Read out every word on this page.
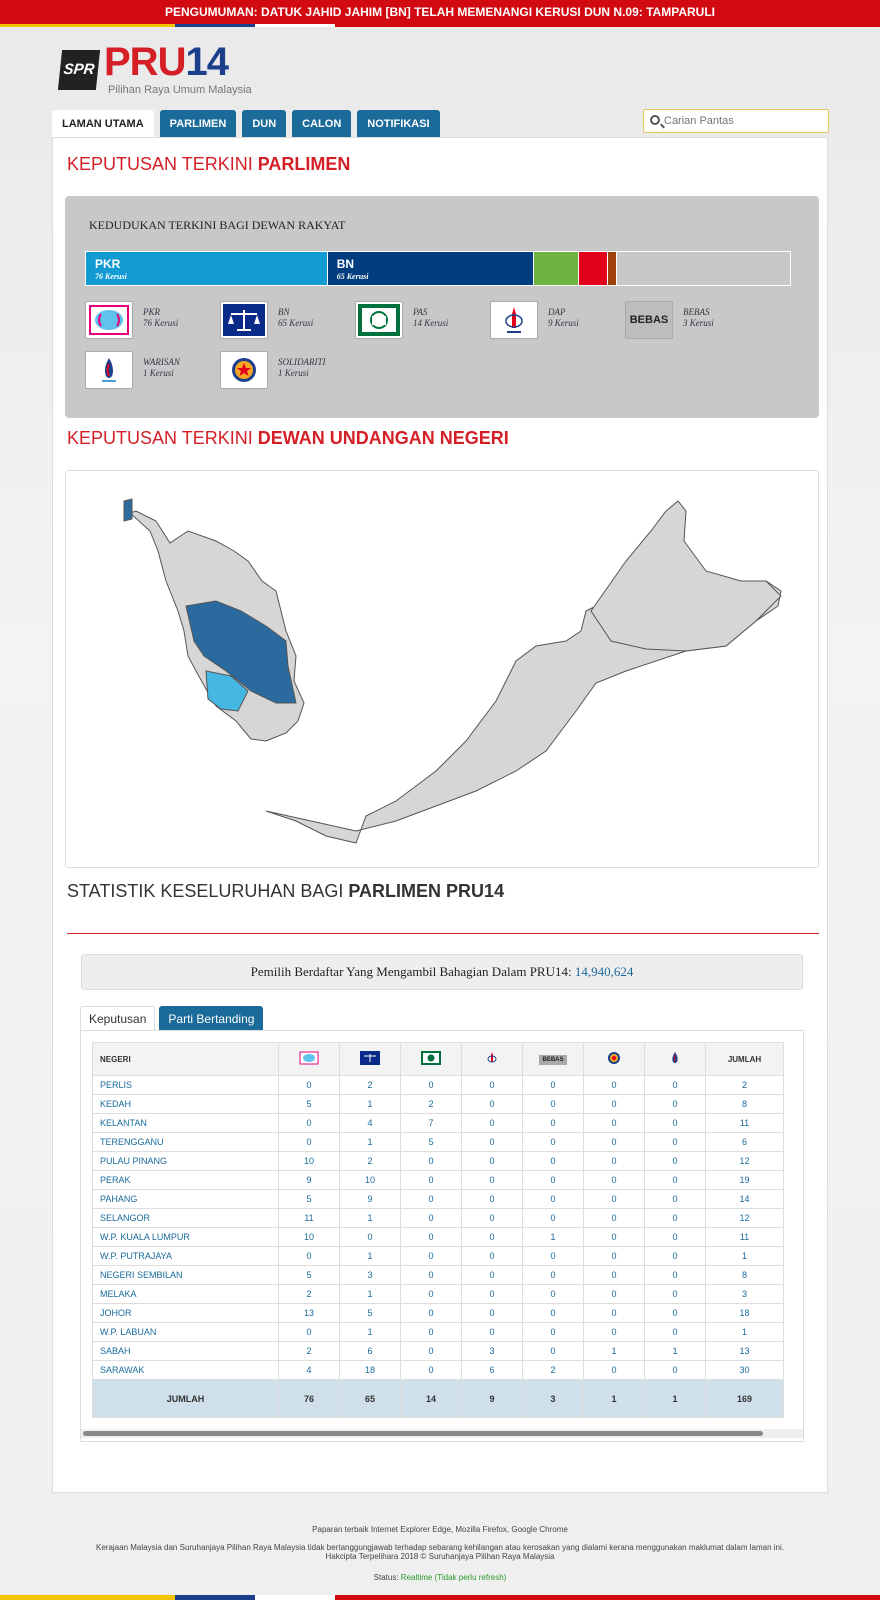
PENGUMUMAN: DATUK JAHID JAHIM [BN] TELAH MEMENANGI KERUSI DUN N.09: TAMPARULI
SPR PRU14
Pilihan Raya Umum Malaysia
LAMAN UTAMA	PARLIMEN	DUN	CALON	NOTIFIKASI
Carian Pantas
KEPUTUSAN TERKINI PARLIMEN
KEDUDUKAN TERKINI BAGI DEWAN RAKYAT
PKR
76 Kerusi
BN
65 Kerusi
PKR
76 Kerusi
BN
65 Kerusi
PAS
14 Kerusi
DAP
9 Kerusi	BEBAS
BEBAS
3 Kerusi
WARISAN
1 Kerusi
SOLIDARITI
1 Kerusi
KEPUTUSAN TERKINI DEWAN UNDANGAN NEGERI
STATISTIK KESELURUHAN BAGI PARLIMEN PRU14
Pemilih Berdaftar Yang Mengambil Bahagian Dalam PRU14: 14,940,624
Keputusan	Parti Bertanding
NEGERI					BEBAS			JUMLAH
PERLIS	0	2	0	0	0	0	0	2
KEDAH	5	1	2	0	0	0	0	8
KELANTAN	0	4	7	0	0	0	0	11
TERENGGANU	0	1	5	0	0	0	0	6
PULAU PINANG	10	2	0	0	0	0	0	12
PERAK	9	10	0	0	0	0	0	19
PAHANG	5	9	0	0	0	0	0	14
SELANGOR	11	1	0	0	0	0	0	12
W.P. KUALA LUMPUR	10	0	0	0	1	0	0	11
W.P. PUTRAJAYA	0	1	0	0	0	0	0	1
NEGERI SEMBILAN	5	3	0	0	0	0	0	8
MELAKA	2	1	0	0	0	0	0	3
JOHOR	13	5	0	0	0	0	0	18
W.P. LABUAN	0	1	0	0	0	0	0	1
SABAH	2	6	0	3	0	1	1	13
SARAWAK	4	18	0	6	2	0	0	30
JUMLAH	76	65	14	9	3	1	1	169
Paparan terbaik Internet Explorer Edge, Mozilla Firefox, Google Chrome
Kerajaan Malaysia dan Suruhanjaya Pilihan Raya Malaysia tidak bertanggungjawab terhadap sebarang kehilangan atau kerosakan yang dialami kerana menggunakan maklumat dalam laman ini.
Hakcipta Terpelihara 2018 © Suruhanjaya Pilihan Raya Malaysia
Status: Realtime (Tidak perlu refresh)
